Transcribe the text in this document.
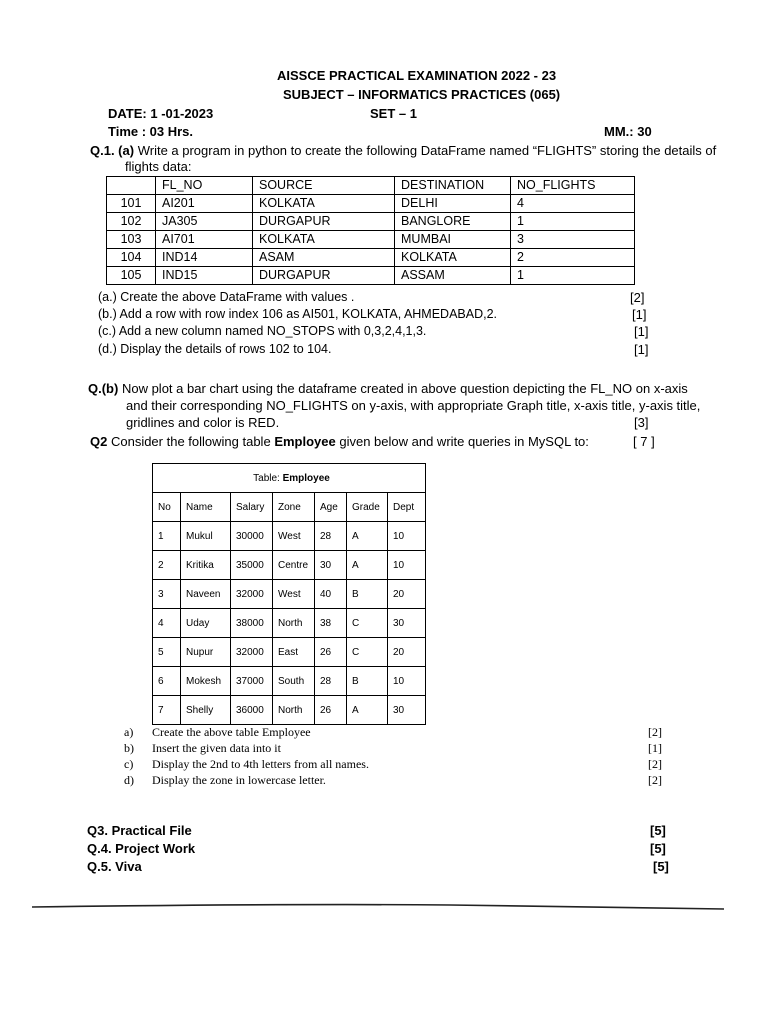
AISSCE PRACTICAL EXAMINATION 2022 - 23
SUBJECT – INFORMATICS PRACTICES (065)
DATE: 1 -01-2023	SET – 1
Time : 03 Hrs.	MM.: 30
Q.1. (a) Write a program in python to create the following DataFrame named “FLIGHTS” storing the details of
flights data:
	FL_NO	SOURCE	DESTINATION	NO_FLIGHTS
101	AI201	KOLKATA	DELHI	4
102	JA305	DURGAPUR	BANGLORE	1
103	AI701	KOLKATA	MUMBAI	3
104	IND14	ASAM	KOLKATA	2
105	IND15	DURGAPUR	ASSAM	1
(a.) Create the above DataFrame with values .	[2]
(b.) Add a row with row index 106 as AI501, KOLKATA, AHMEDABAD,2.	[1]
(c.) Add a new column named NO_STOPS with 0,3,2,4,1,3.	[1]
(d.) Display the details of rows 102 to 104.	[1]
Q.(b) Now plot a bar chart using the dataframe created in above question depicting the FL_NO on x-axis
and their corresponding NO_FLIGHTS on y-axis, with appropriate Graph title, x-axis title, y-axis title,
gridlines and color is RED.	[3]
Q2 Consider the following table Employee given below and write queries in MySQL to:	[ 7 ]
Table: Employee						
No	Name	Salary	Zone	Age	Grade	Dept
1	Mukul	30000	West	28	A	10
2	Kritika	35000	Centre	30	A	10
3	Naveen	32000	West	40	B	20
4	Uday	38000	North	38	C	30
5	Nupur	32000	East	26	C	20
6	Mokesh	37000	South	28	B	10
7	Shelly	36000	North	26	A	30
a) Create the above table Employee	[2]
b) Insert the given data into it	[1]
c) Display the 2nd to 4th letters from all names.	[2]
d) Display the zone in lowercase letter.	[2]
Q3. Practical File	[5]
Q.4. Project Work	[5]
Q.5. Viva	[5]
